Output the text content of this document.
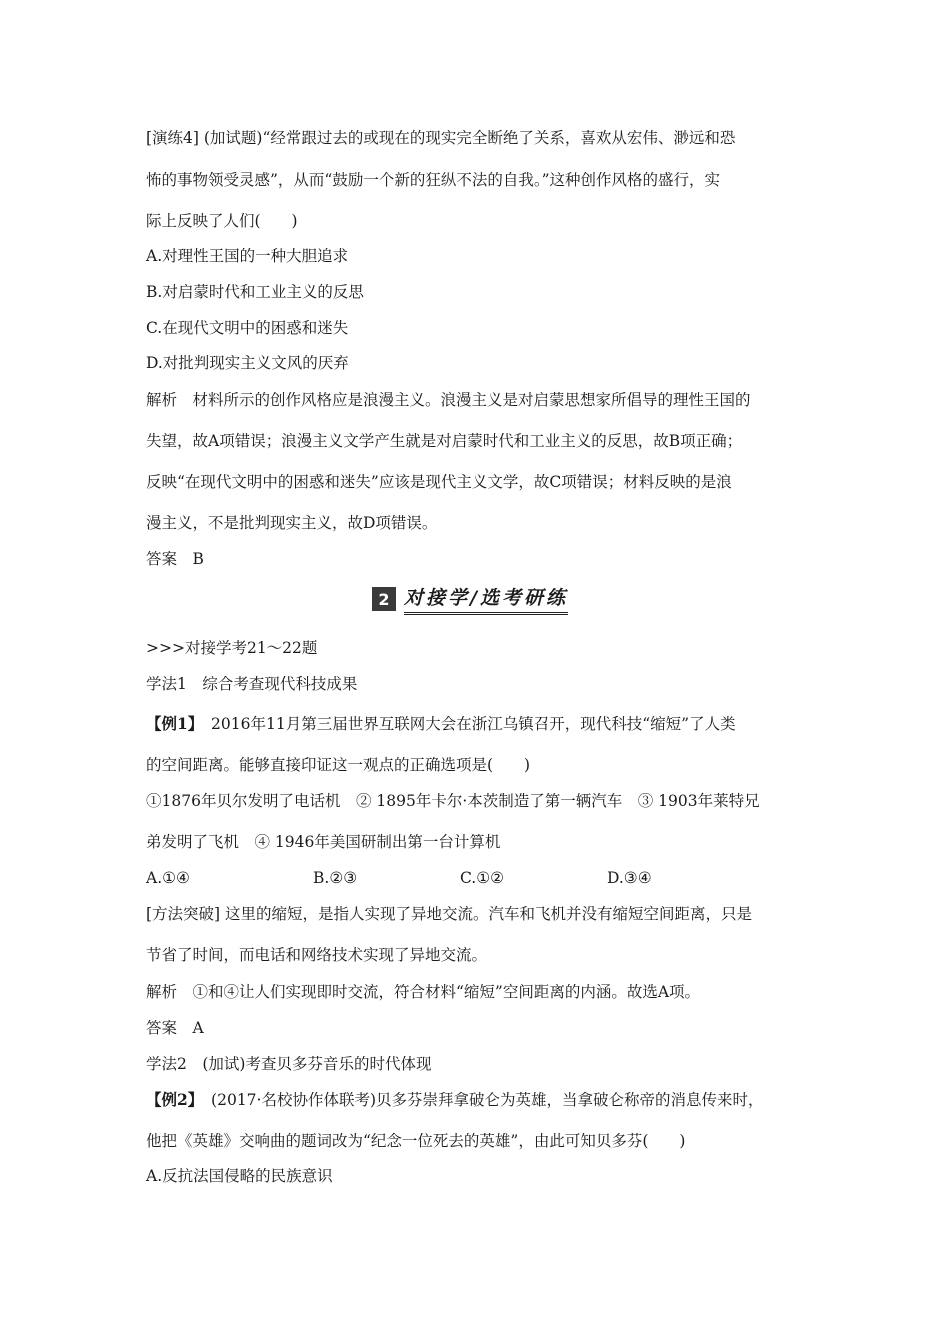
[演练4] (加试题)“经常跟过去的或现在的现实完全断绝了关系，喜欢从宏伟、渺远和恐
怖的事物领受灵感”，从而“鼓励一个新的狂纵不法的自我。”这种创作风格的盛行，实
际上反映了人们(　　)
A.对理性王国的一种大胆追求
B.对启蒙时代和工业主义的反思
C.在现代文明中的困惑和迷失
D.对批判现实主义文风的厌弃
解析　材料所示的创作风格应是浪漫主义。浪漫主义是对启蒙思想家所倡导的理性王国的
失望，故A项错误；浪漫主义文学产生就是对启蒙时代和工业主义的反思，故B项正确；
反映“在现代文明中的困惑和迷失”应该是现代主义文学，故C项错误；材料反映的是浪
漫主义，不是批判现实主义，故D项错误。
答案　B
2 对接学/选考研练
>>>对接学考21～22题
学法1　综合考查现代科技成果
【例1】　2016年11月第三届世界互联网大会在浙江乌镇召开，现代科技“缩短”了人类
的空间距离。能够直接印证这一观点的正确选项是(　　)
①1876年贝尔发明了电话机　② 1895年卡尔·本茨制造了第一辆汽车　③ 1903年莱特兄
弟发明了飞机　④ 1946年美国研制出第一台计算机
A.①④	B.②③	C.①②	D.③④
[方法突破] 这里的缩短，是指人实现了异地交流。汽车和飞机并没有缩短空间距离，只是
节省了时间，而电话和网络技术实现了异地交流。
解析　①和④让人们实现即时交流，符合材料“缩短”空间距离的内涵。故选A项。
答案　A
学法2　(加试)考查贝多芬音乐的时代体现
【例2】　(2017·名校协作体联考)贝多芬崇拜拿破仑为英雄，当拿破仑称帝的消息传来时，
他把《英雄》交响曲的题词改为“纪念一位死去的英雄”，由此可知贝多芬(　　)
A.反抗法国侵略的民族意识
